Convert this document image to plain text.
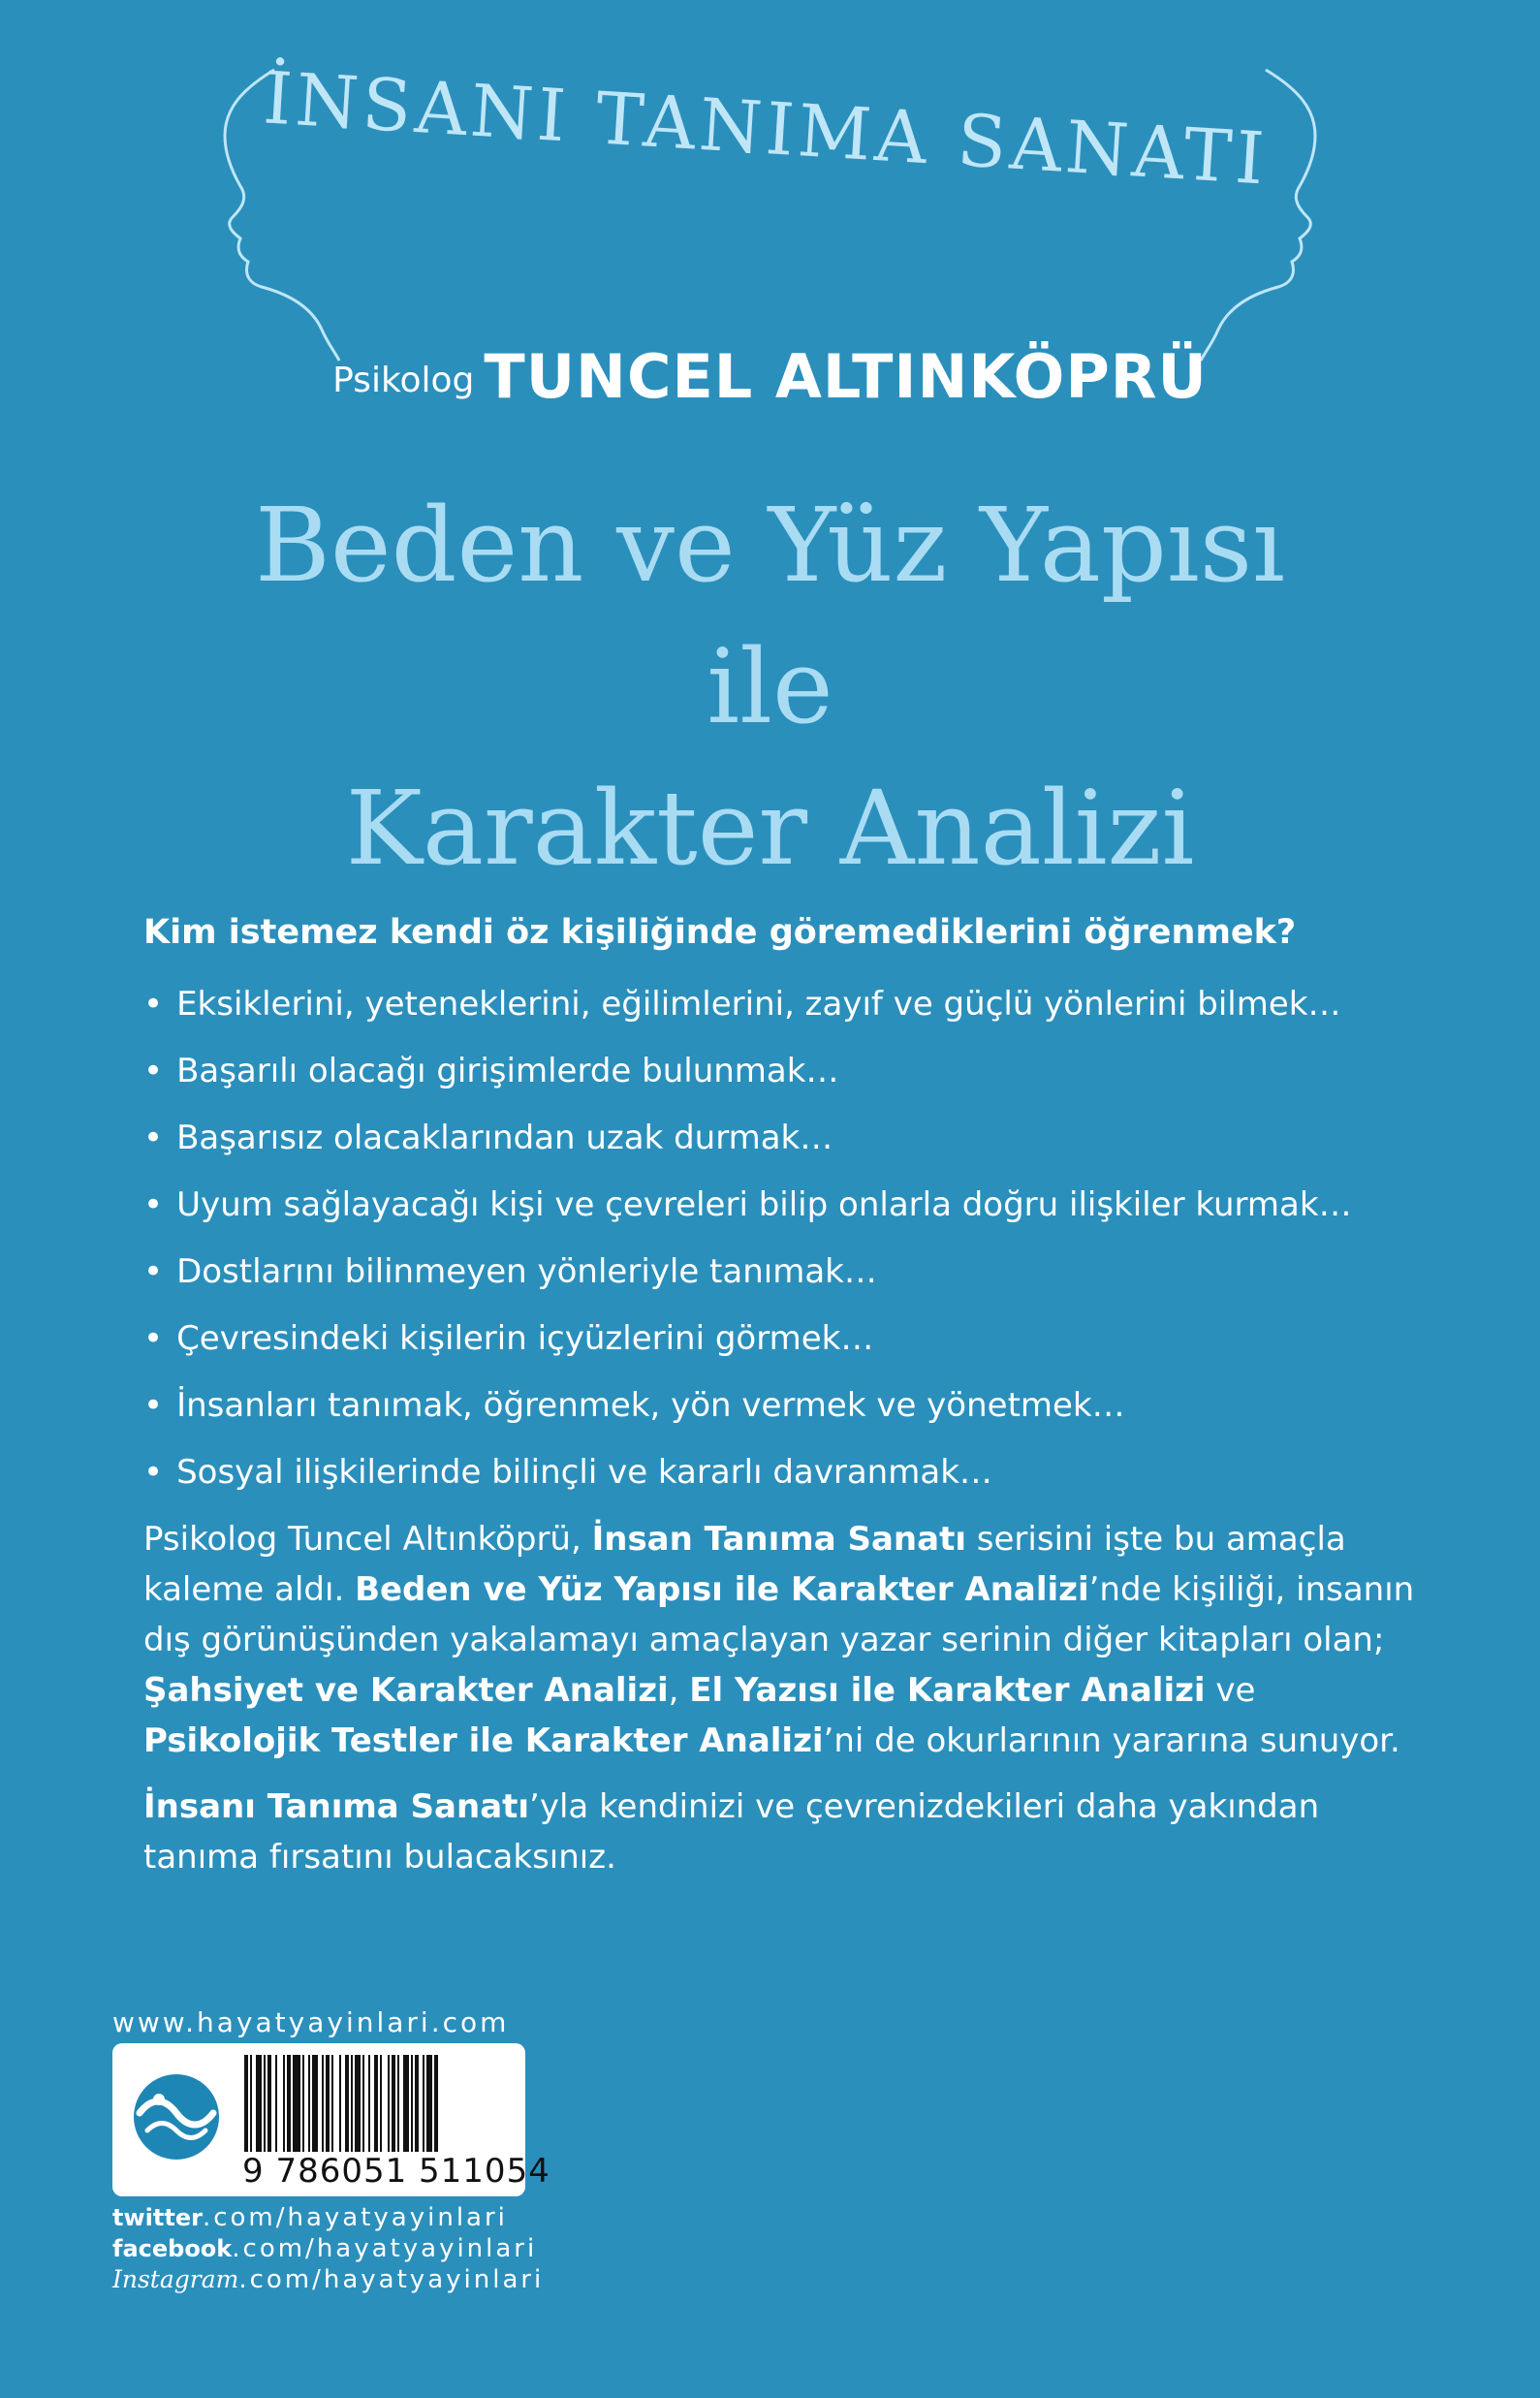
İNSANI TANIMA SANATI
Psikolog TUNCEL ALTINKÖPRÜ
Beden ve Yüz Yapısı
ile
Karakter Analizi

Kim istemez kendi öz kişiliğinde göremediklerini öğrenmek?

• Eksiklerini, yeteneklerini, eğilimlerini, zayıf ve güçlü yönlerini bilmek…
• Başarılı olacağı girişimlerde bulunmak…
• Başarısız olacaklarından uzak durmak…
• Uyum sağlayacağı kişi ve çevreleri bilip onlarla doğru ilişkiler kurmak…
• Dostlarını bilinmeyen yönleriyle tanımak…
• Çevresindeki kişilerin içyüzlerini görmek…
• İnsanları tanımak, öğrenmek, yön vermek ve yönetmek…
• Sosyal ilişkilerinde bilinçli ve kararlı davranmak…

Psikolog Tuncel Altınköprü, İnsan Tanıma Sanatı serisini işte bu amaçla kaleme aldı. Beden ve Yüz Yapısı ile Karakter Analizi’nde kişiliği, insanın dış görünüşünden yakalamayı amaçlayan yazar serinin diğer kitapları olan; Şahsiyet ve Karakter Analizi, El Yazısı ile Karakter Analizi ve Psikolojik Testler ile Karakter Analizi’ni de okurlarının yararına sunuyor.

İnsanı Tanıma Sanatı’yla kendinizi ve çevrenizdekileri daha yakından tanıma fırsatını bulacaksınız.

www.hayatyayinlari.com
9 786051 511054
twitter.com/hayatyayinlari
facebook.com/hayatyayinlari
Instagram.com/hayatyayinlari
